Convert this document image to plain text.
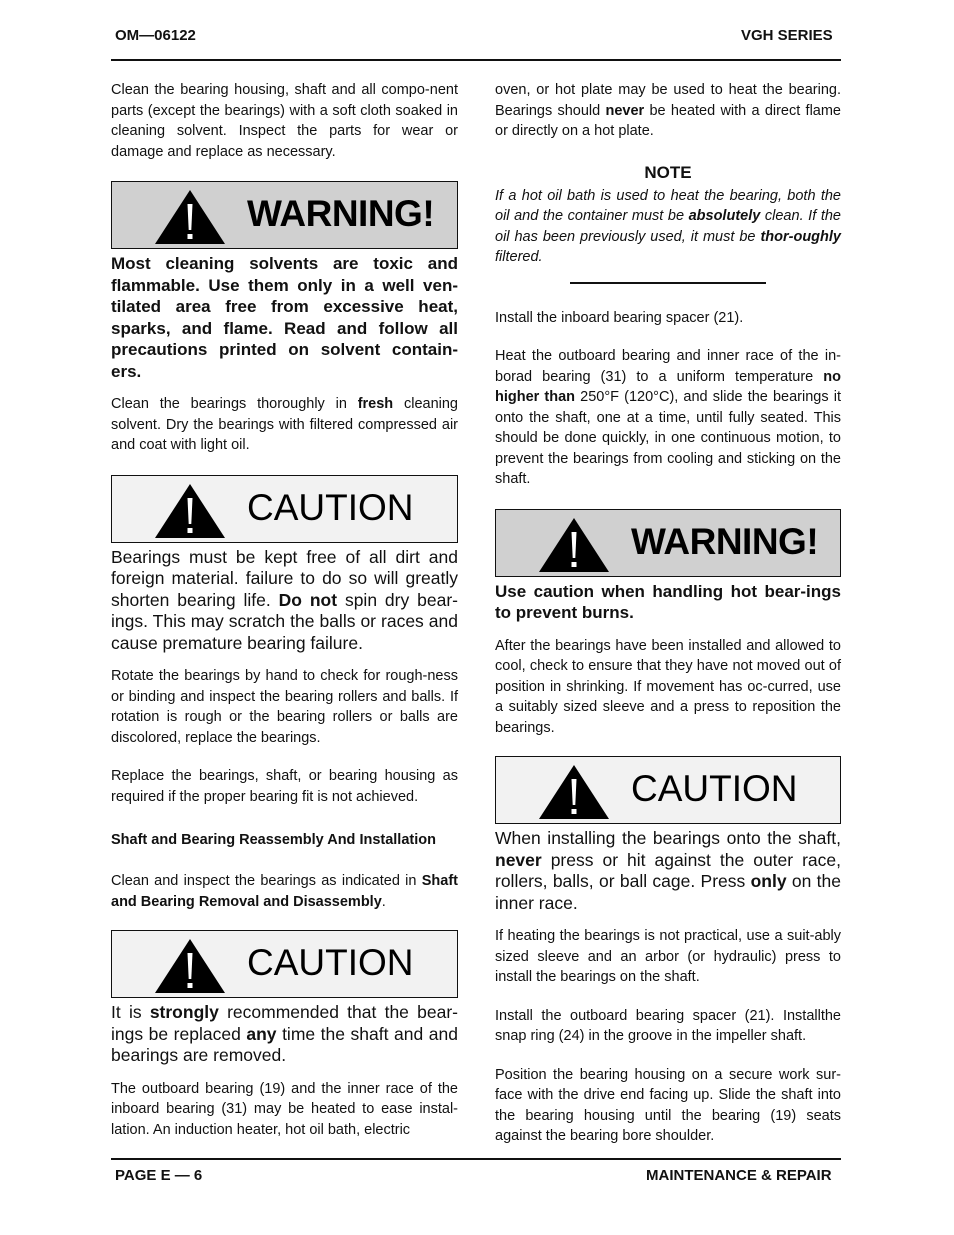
OM—06122	VGH SERIES

Clean the bearing housing, shaft and all compo-nent parts (except the bearings) with a soft cloth soaked in cleaning solvent. Inspect the parts for wear or damage and replace as necessary.

WARNING!

Most cleaning solvents are toxic and flammable. Use them only in a well ven-tilated area free from excessive heat, sparks, and flame. Read and follow all precautions printed on solvent contain-ers.

Clean the bearings thoroughly in fresh cleaning solvent. Dry the bearings with filtered compressed air and coat with light oil.

CAUTION

Bearings must be kept free of all dirt and foreign material. failure to do so will greatly shorten bearing life. Do not spin dry bear-ings. This may scratch the balls or races and cause premature bearing failure.

Rotate the bearings by hand to check for rough-ness or binding and inspect the bearing rollers and balls. If rotation is rough or the bearing rollers or balls are discolored, replace the bearings.

Replace the bearings, shaft, or bearing housing as required if the proper bearing fit is not achieved.

Shaft and Bearing Reassembly And Installation

Clean and inspect the bearings as indicated in Shaft and Bearing Removal and Disassembly.

CAUTION

It is strongly recommended that the bear-ings be replaced any time the shaft and and bearings are removed.

The outboard bearing (19) and the inner race of the inboard bearing (31) may be heated to ease instal-lation. An induction heater, hot oil bath, electric

oven, or hot plate may be used to heat the bearing. Bearings should never be heated with a direct flame or directly on a hot plate.

NOTE

If a hot oil bath is used to heat the bearing, both the oil and the container must be absolutely clean. If the oil has been previously used, it must be thor-oughly filtered.

Install the inboard bearing spacer (21).

Heat the outboard bearing and inner race of the in-borad bearing (31) to a uniform temperature no higher than 250°F (120°C), and slide the bearings it onto the shaft, one at a time, until fully seated. This should be done quickly, in one continuous motion, to prevent the bearings from cooling and sticking on the shaft.

WARNING!

Use caution when handling hot bear-ings to prevent burns.

After the bearings have been installed and allowed to cool, check to ensure that they have not moved out of position in shrinking. If movement has oc-curred, use a suitably sized sleeve and a press to reposition the bearings.

CAUTION

When installing the bearings onto the shaft, never press or hit against the outer race, rollers, balls, or ball cage. Press only on the inner race.

If heating the bearings is not practical, use a suit-ably sized sleeve and an arbor (or hydraulic) press to install the bearings on the shaft.

Install the outboard bearing spacer (21). Installthe snap ring (24) in the groove in the impeller shaft.

Position the bearing housing on a secure work sur-face with the drive end facing up. Slide the shaft into the bearing housing until the bearing (19) seats against the bearing bore shoulder.

PAGE E — 6	MAINTENANCE & REPAIR
